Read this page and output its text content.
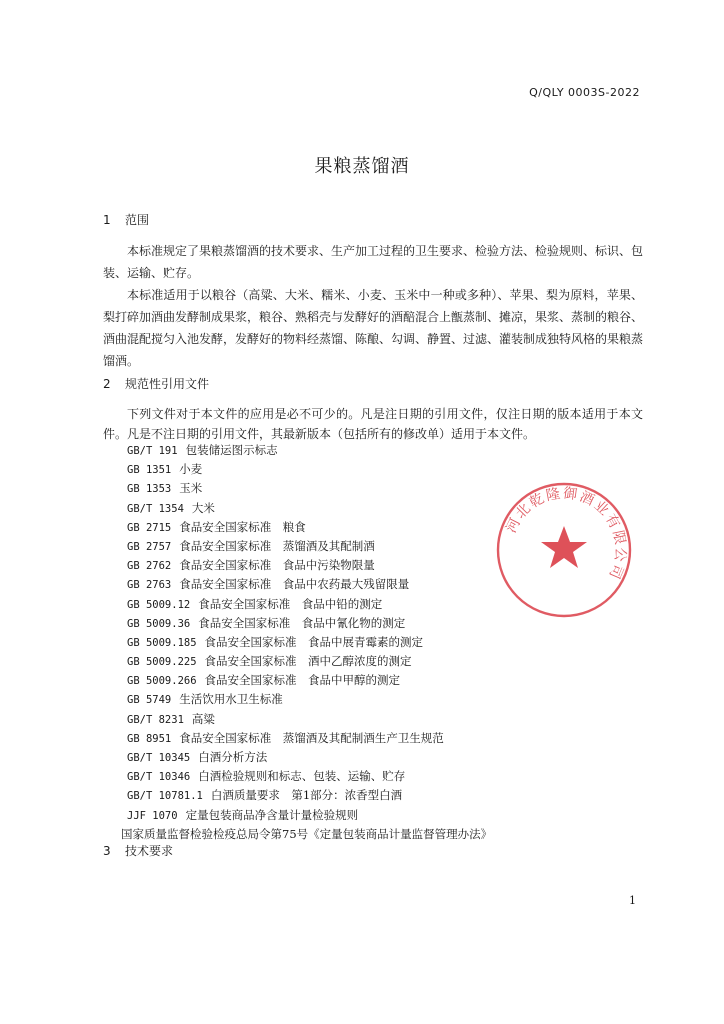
Q/QLY 0003S-2022
果粮蒸馏酒
1 范围
本标准规定了果粮蒸馏酒的技术要求、生产加工过程的卫生要求、检验方法、检验规则、标识、包装、运输、贮存。
本标准适用于以粮谷（高粱、大米、糯米、小麦、玉米中一种或多种）、苹果、梨为原料，苹果、梨打碎加酒曲发酵制成果浆，粮谷、熟稻壳与发酵好的酒醅混合上甑蒸制、摊凉，果浆、蒸制的粮谷、酒曲混配搅匀入池发酵，发酵好的物料经蒸馏、陈酿、勾调、静置、过滤、灌装制成独特风格的果粮蒸馏酒。
2 规范性引用文件
下列文件对于本文件的应用是必不可少的。凡是注日期的引用文件，仅注日期的版本适用于本文件。凡是不注日期的引用文件，其最新版本（包括所有的修改单）适用于本文件。
GB/T 191 包装储运图示标志
GB 1351 小麦
GB 1353 玉米
GB/T 1354 大米
GB 2715 食品安全国家标准　粮食
GB 2757 食品安全国家标准　蒸馏酒及其配制酒
GB 2762 食品安全国家标准　食品中污染物限量
GB 2763 食品安全国家标准　食品中农药最大残留限量
GB 5009.12 食品安全国家标准　食品中铅的测定
GB 5009.36 食品安全国家标准　食品中氰化物的测定
GB 5009.185 食品安全国家标准　食品中展青霉素的测定
GB 5009.225 食品安全国家标准　酒中乙醇浓度的测定
GB 5009.266 食品安全国家标准　食品中甲醇的测定
GB 5749 生活饮用水卫生标准
GB/T 8231 高粱
GB 8951 食品安全国家标准　蒸馏酒及其配制酒生产卫生规范
GB/T 10345 白酒分析方法
GB/T 10346 白酒检验规则和标志、包装、运输、贮存
GB/T 10781.1 白酒质量要求　第1部分：浓香型白酒
JJF 1070 定量包装商品净含量计量检验规则
国家质量监督检验检疫总局令第75号《定量包装商品计量监督管理办法》
3 技术要求
河北乾隆御酒业有限公司
1
